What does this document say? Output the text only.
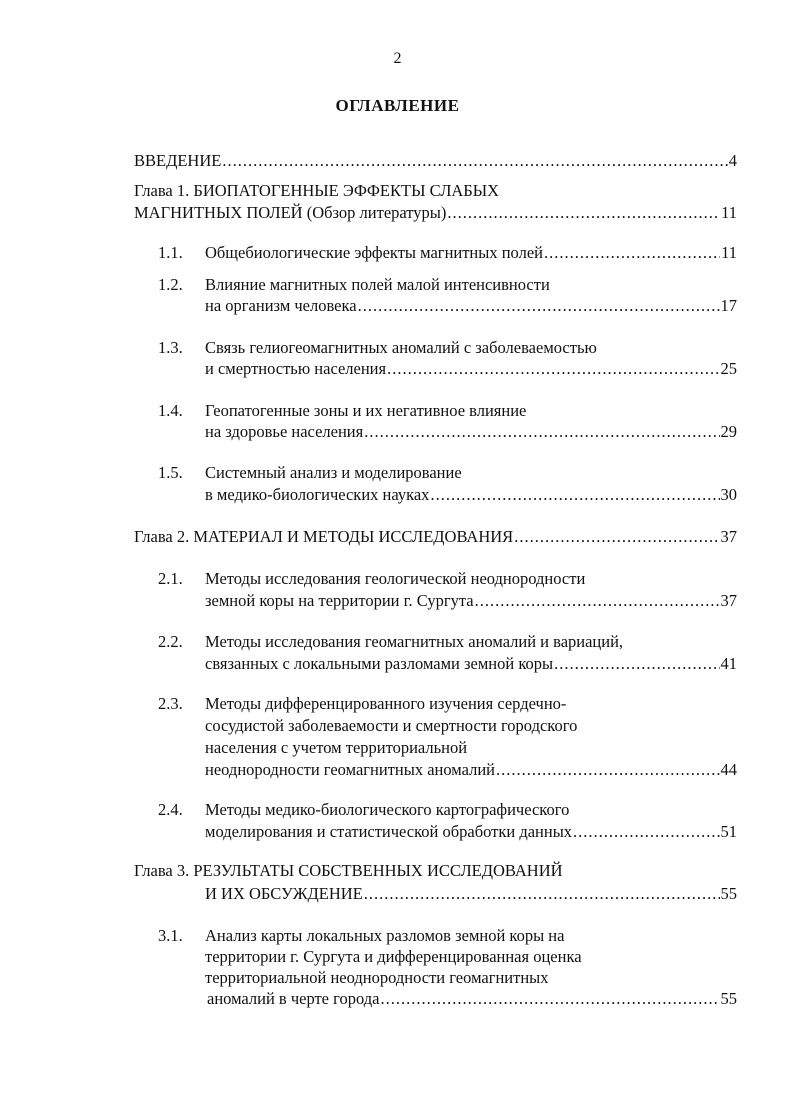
2
ОГЛАВЛЕНИЕ
ВВЕДЕНИЕ .....	4
Глава 1. БИОПАТОГЕННЫЕ ЭФФЕКТЫ СЛАБЫХ
МАГНИТНЫХ ПОЛЕЙ (Обзор литературы) .....	11
1.1. Общебиологические эффекты магнитных полей .....	11
1.2. Влияние магнитных полей малой интенсивности
на организм человека .....	17
1.3. Связь гелиогеомагнитных аномалий с заболеваемостью
и смертностью населения .....	25
1.4. Геопатогенные зоны и их негативное влияние
на здоровье населения .....	29
1.5. Системный анализ и моделирование
в медико-биологических науках .....	30
Глава 2. МАТЕРИАЛ И МЕТОДЫ ИССЛЕДОВАНИЯ .....	37
2.1. Методы исследования геологической неоднородности
земной коры на территории г. Сургута .....	37
2.2. Методы исследования геомагнитных аномалий и вариаций,
связанных с локальными разломами земной коры .....	41
2.3. Методы дифференцированного изучения сердечно-
сосудистой заболеваемости и смертности городского
населения с учетом территориальной
неоднородности геомагнитных аномалий .....	44
2.4. Методы медико-биологического картографического
моделирования и статистической обработки данных .....	51
Глава 3. РЕЗУЛЬТАТЫ СОБСТВЕННЫХ ИССЛЕДОВАНИЙ
И ИХ ОБСУЖДЕНИЕ .....	55
3.1. Анализ карты локальных разломов земной коры на
территории г. Сургута и дифференцированная оценка
территориальной неоднородности геомагнитных
аномалий в черте города .....	55
